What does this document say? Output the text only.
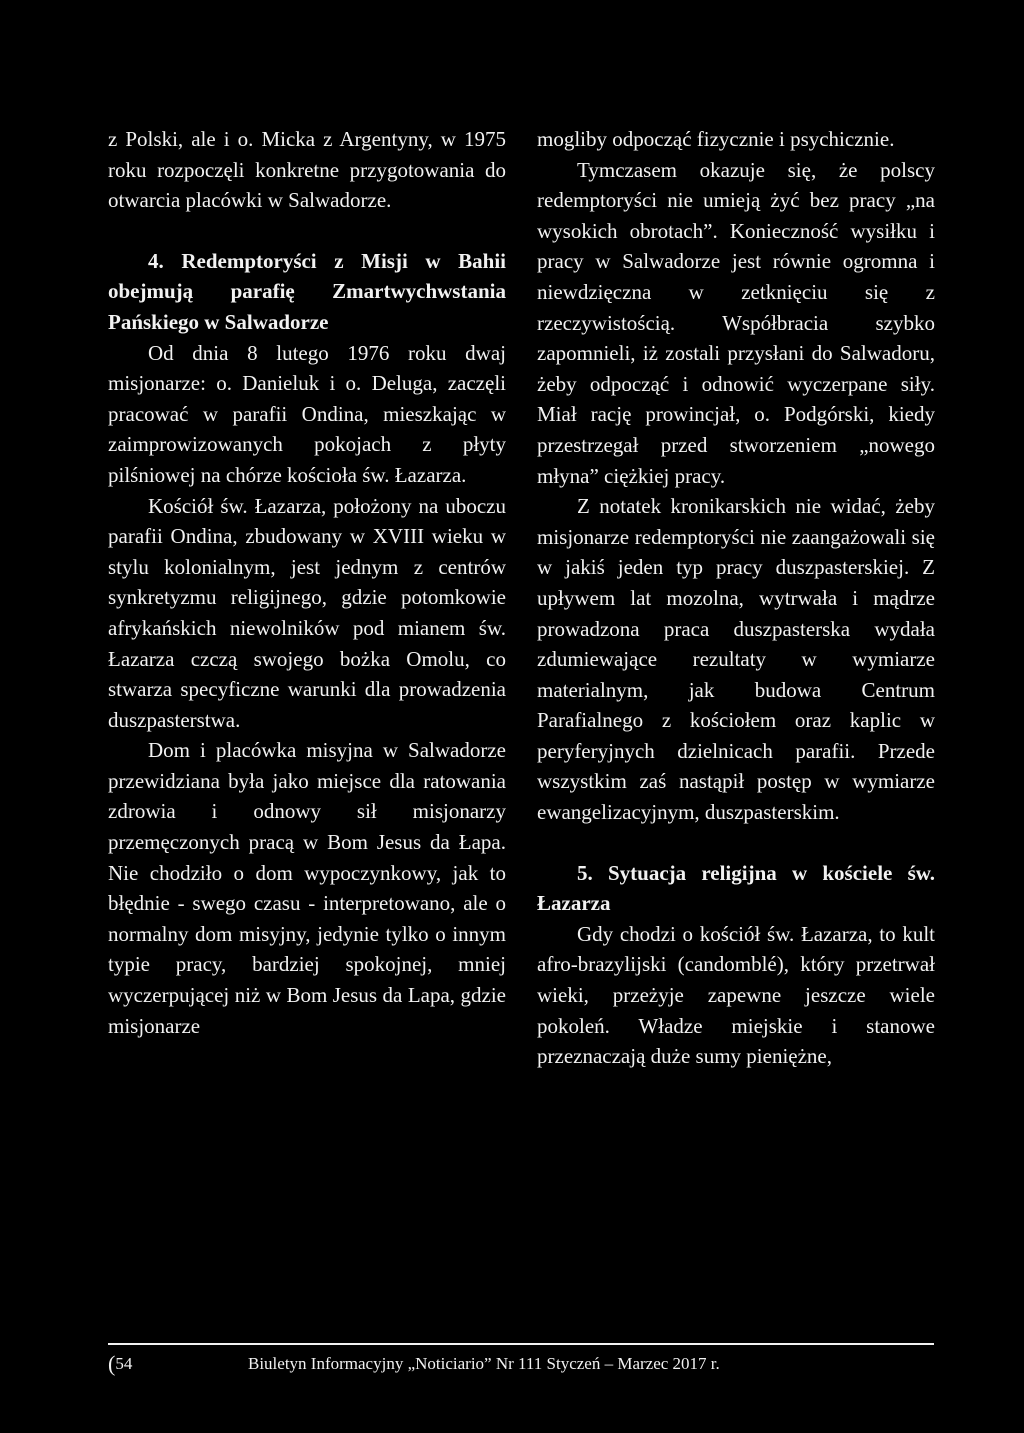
z Polski, ale i o. Micka z Argentyny, w 1975 roku rozpoczęli konkretne przygotowania do otwarcia placówki w Salwadorze.

4. Redemptoryści z Misji w Bahii obejmują parafię Zmartwychwstania Pańskiego w Salwadorze

Od dnia 8 lutego 1976 roku dwaj misjonarze: o. Danieluk i o. Deluga, zaczęli pracować w parafii Ondina, mieszkając w zaimprowizowanych pokojach z płyty pilśniowej na chórze kościoła św. Łazarza.

Kościół św. Łazarza, położony na uboczu parafii Ondina, zbudowany w XVIII wieku w stylu kolonialnym, jest jednym z centrów synkretyzmu religijnego, gdzie potomkowie afrykańskich niewolników pod mianem św. Łazarza czczą swojego bożka Omolu, co stwarza specyficzne warunki dla prowadzenia duszpasterstwa.

Dom i placówka misyjna w Salwadorze przewidziana była jako miejsce dla ratowania zdrowia i odnowy sił misjonarzy przemęczonych pracą w Bom Jesus da Łapa. Nie chodziło o dom wypoczynkowy, jak to błędnie - swego czasu - interpretowano, ale o normalny dom misyjny, jedynie tylko o innym typie pracy, bardziej spokojnej, mniej wyczerpującej niż w Bom Jesus da Lapa, gdzie misjonarze

mogliby odpocząć fizycznie i psychicznie.

Tymczasem okazuje się, że polscy redemptoryści nie umieją żyć bez pracy „na wysokich obrotach”. Konieczność wysiłku i pracy w Salwadorze jest równie ogromna i niewdzięczna w zetknięciu się z rzeczywistością. Współbracia szybko zapomnieli, iż zostali przysłani do Salwadoru, żeby odpocząć i odnowić wyczerpane siły. Miał rację prowincjał, o. Podgórski, kiedy przestrzegał przed stworzeniem „nowego młyna” ciężkiej pracy.

Z notatek kronikarskich nie widać, żeby misjonarze redemptoryści nie zaangażowali się w jakiś jeden typ pracy duszpasterskiej. Z upływem lat mozolna, wytrwała i mądrze prowadzona praca duszpasterska wydała zdumiewające rezultaty w wymiarze materialnym, jak budowa Centrum Parafialnego z kościołem oraz kaplic w peryferyjnych dzielnicach parafii. Przede wszystkim zaś nastąpił postęp w wymiarze ewangelizacyjnym, duszpasterskim.

5. Sytuacja religijna w kościele św. Łazarza

Gdy chodzi o kościół św. Łazarza, to kult afro-brazylijski (candomblé), który przetrwał wieki, przeżyje zapewne jeszcze wiele pokoleń. Władze miejskie i stanowe przeznaczają duże sumy pieniężne,

(54	Biuletyn Informacyjny „Noticiario” Nr 111 Styczeń – Marzec 2017 r.
